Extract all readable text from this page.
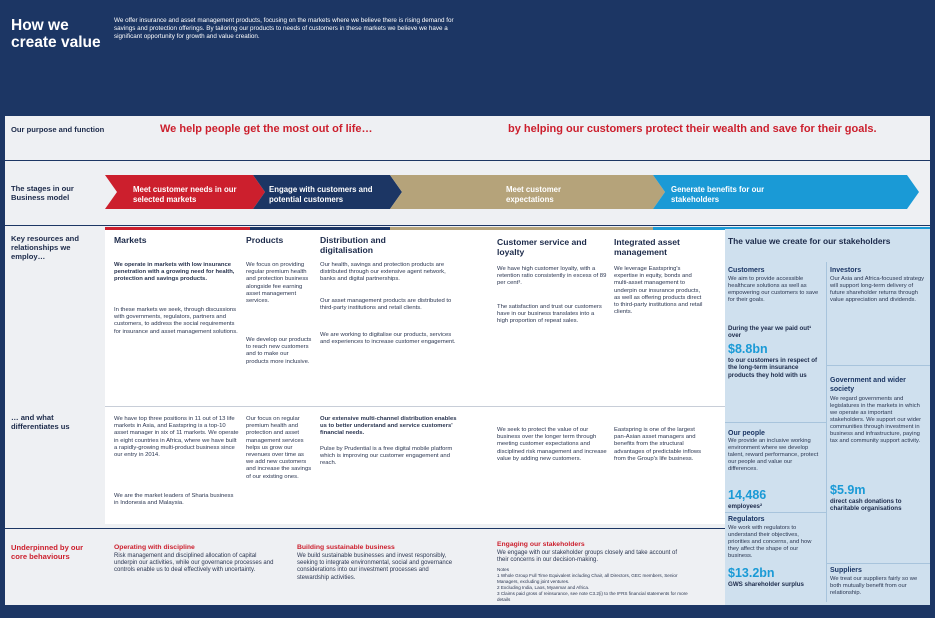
How we create value
We offer insurance and asset management products, focusing on the markets where we believe there is rising demand for savings and protection offerings. By tailoring our products to needs of customers in these markets we believe we have a significant opportunity for growth and value creation.
Our purpose and function	We help people get the most out of life…	by helping our customers protect their wealth and save for their goals.
The stages in our Business model
Meet customer needs in our selected markets
Engage with customers and potential customers
Meet customer expectations
Generate benefits for our stakeholders
Key resources and relationships we employ…
… and what differentiates us
Markets
We operate in markets with low insurance penetration with a growing need for health, protection and savings products.
In these markets we seek, through discussions with governments, regulators, partners and customers, to address the social requirements for insurance and asset management solutions.
We have top three positions in 11 out of 13 life markets in Asia, and Eastspring is a top-10 asset manager in six of 11 markets. We operate in eight countries in Africa, where we have built a rapidly-growing multi-product business since our entry in 2014.
We are the market leaders of Sharia business in Indonesia and Malaysia.
Products
We focus on providing regular premium health and protection business alongside fee earning asset management services.
We develop our products to reach new customers and to make our products more inclusive.
Our focus on regular premium health and protection and asset management services helps us grow our revenues over time as we add new customers and increase the savings of our existing ones.
Distribution and digitalisation
Our health, savings and protection products are distributed through our extensive agent network, banks and digital partnerships.
Our asset management products are distributed to third-party institutions and retail clients.
We are working to digitalise our products, services and experiences to increase customer engagement.
Our extensive multi-channel distribution enables us to better understand and service customers' financial needs.
Pulse by Prudential is a free digital mobile platform which is improving our customer engagement and reach.
Customer service and loyalty
We have high customer loyalty, with a retention ratio consistently in excess of 89 per cent³.
The satisfaction and trust our customers have in our business translates into a high proportion of repeat sales.
We seek to protect the value of our business over the longer term through meeting customer expectations and disciplined risk management and increase value by adding new customers.
Integrated asset management
We leverage Eastspring's expertise in equity, bonds and multi-asset management to underpin our insurance products, as well as offering products direct to third-party institutions and retail clients.
Eastspring is one of the largest pan-Asian asset managers and benefits from the structural advantages of predictable inflows from the Group's life business.
The value we create for our stakeholders
Customers
We aim to provide accessible healthcare solutions as well as empowering our customers to save for their goals.
During the year we paid out¹ over
$8.8bn
to our customers in respect of the long-term insurance products they hold with us
Investors
Our Asia and Africa-focused strategy will support long-term delivery of future shareholder returns through value appreciation and dividends.
Government and wider society
We regard governments and legislatures in the markets in which we operate as important stakeholders. We support our wider communities through investment in business and infrastructure, paying tax and community support activity.
$5.9m
direct cash donations to charitable organisations
Our people
We provide an inclusive working environment where we develop talent, reward performance, protect our people and value our differences.
14,486
employees²
Regulators
We work with regulators to understand their objectives, priorities and concerns, and how they affect the shape of our business.
$13.2bn
GWS shareholder surplus
Suppliers
We treat our suppliers fairly so we both mutually benefit from our relationship.
Underpinned by our core behaviours
Operating with discipline
Risk management and disciplined allocation of capital underpin our activities, while our governance processes and controls enable us to deal effectively with uncertainty.
Building sustainable business
We build sustainable businesses and invest responsibly, seeking to integrate environmental, social and governance considerations into our investment processes and stewardship activities.
Engaging our stakeholders
We engage with our stakeholder groups closely and take account of their concerns in our decision-making.
Notes
1 Whole Group Full Time Equivalent including Chair, all Directors, GEC members, Senior Managers, excluding joint ventures.
2 Excluding India, Laos, Myanmar and Africa.
3 Claims paid gross of reinsurance, see note C3.2(i) to the IFRS financial statements for more details
